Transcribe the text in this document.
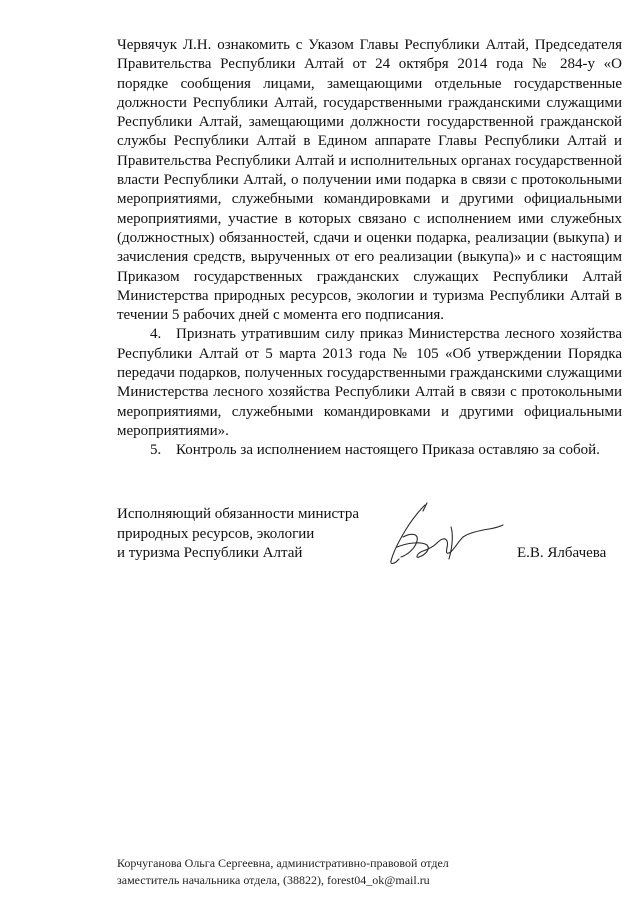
Червячук Л.Н. ознакомить с Указом Главы Республики Алтай, Председателя Правительства Республики Алтай от 24 октября 2014 года № 284-у «О порядке сообщения лицами, замещающими отдельные государственные должности Республики Алтай, государственными гражданскими служащими Республики Алтай, замещающими должности государственной гражданской службы Республики Алтай в Едином аппарате Главы Республики Алтай и Правительства Республики Алтай и исполнительных органах государственной власти Республики Алтай, о получении ими подарка в связи с протокольными мероприятиями, служебными командировками и другими официальными мероприятиями, участие в которых связано с исполнением ими служебных (должностных) обязанностей, сдачи и оценки подарка, реализации (выкупа) и зачисления средств, вырученных от его реализации (выкупа)» и с настоящим Приказом государственных гражданских служащих Республики Алтай Министерства природных ресурсов, экологии и туризма Республики Алтай в течении 5 рабочих дней с момента его подписания.

4. Признать утратившим силу приказ Министерства лесного хозяйства Республики Алтай от 5 марта 2013 года № 105 «Об утверждении Порядка передачи подарков, полученных государственными гражданскими служащими Министерства лесного хозяйства Республики Алтай в связи с протокольными мероприятиями, служебными командировками и другими официальными мероприятиями».

5. Контроль за исполнением настоящего Приказа оставляю за собой.

Исполняющий обязанности министра
природных ресурсов, экологии
и туризма Республики Алтай	Е.В. Ялбачева
Корчуганова Ольга Сергеевна, административно-правовой отдел
заместитель начальника отдела, (38822), forest04_ok@mail.ru
